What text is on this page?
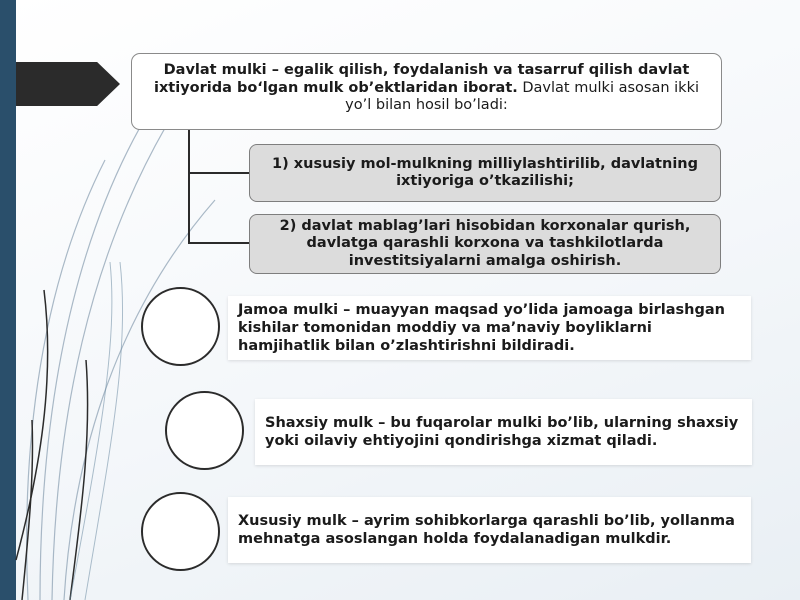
Davlat mulki – egalik qilish, foydalanish va tasarruf qilish davlat ixtiyorida bo‘lgan mulk ob’ektlaridan iborat. Davlat mulki asosan ikki yo’l bilan hosil bo’ladi:
1) xususiy mol-mulkning milliylashtirilib, davlatning ixtiyoriga o’tkazilishi;
2) davlat mablag’lari hisobidan korxonalar qurish, davlatga qarashli korxona va tashkilotlarda investitsiyalarni amalga oshirish.
Jamoa mulki – muayyan maqsad yo’lida jamoaga birlashgan kishilar tomonidan moddiy va ma’naviy boyliklarni hamjihatlik bilan o’zlashtirishni bildiradi.
Shaxsiy mulk – bu fuqarolar mulki bo’lib, ularning shaxsiy yoki oilaviy ehtiyojini qondirishga xizmat qiladi.
Xususiy mulk – ayrim sohibkorlarga qarashli bo’lib, yollanma mehnatga asoslangan holda foydalanadigan mulkdir.
